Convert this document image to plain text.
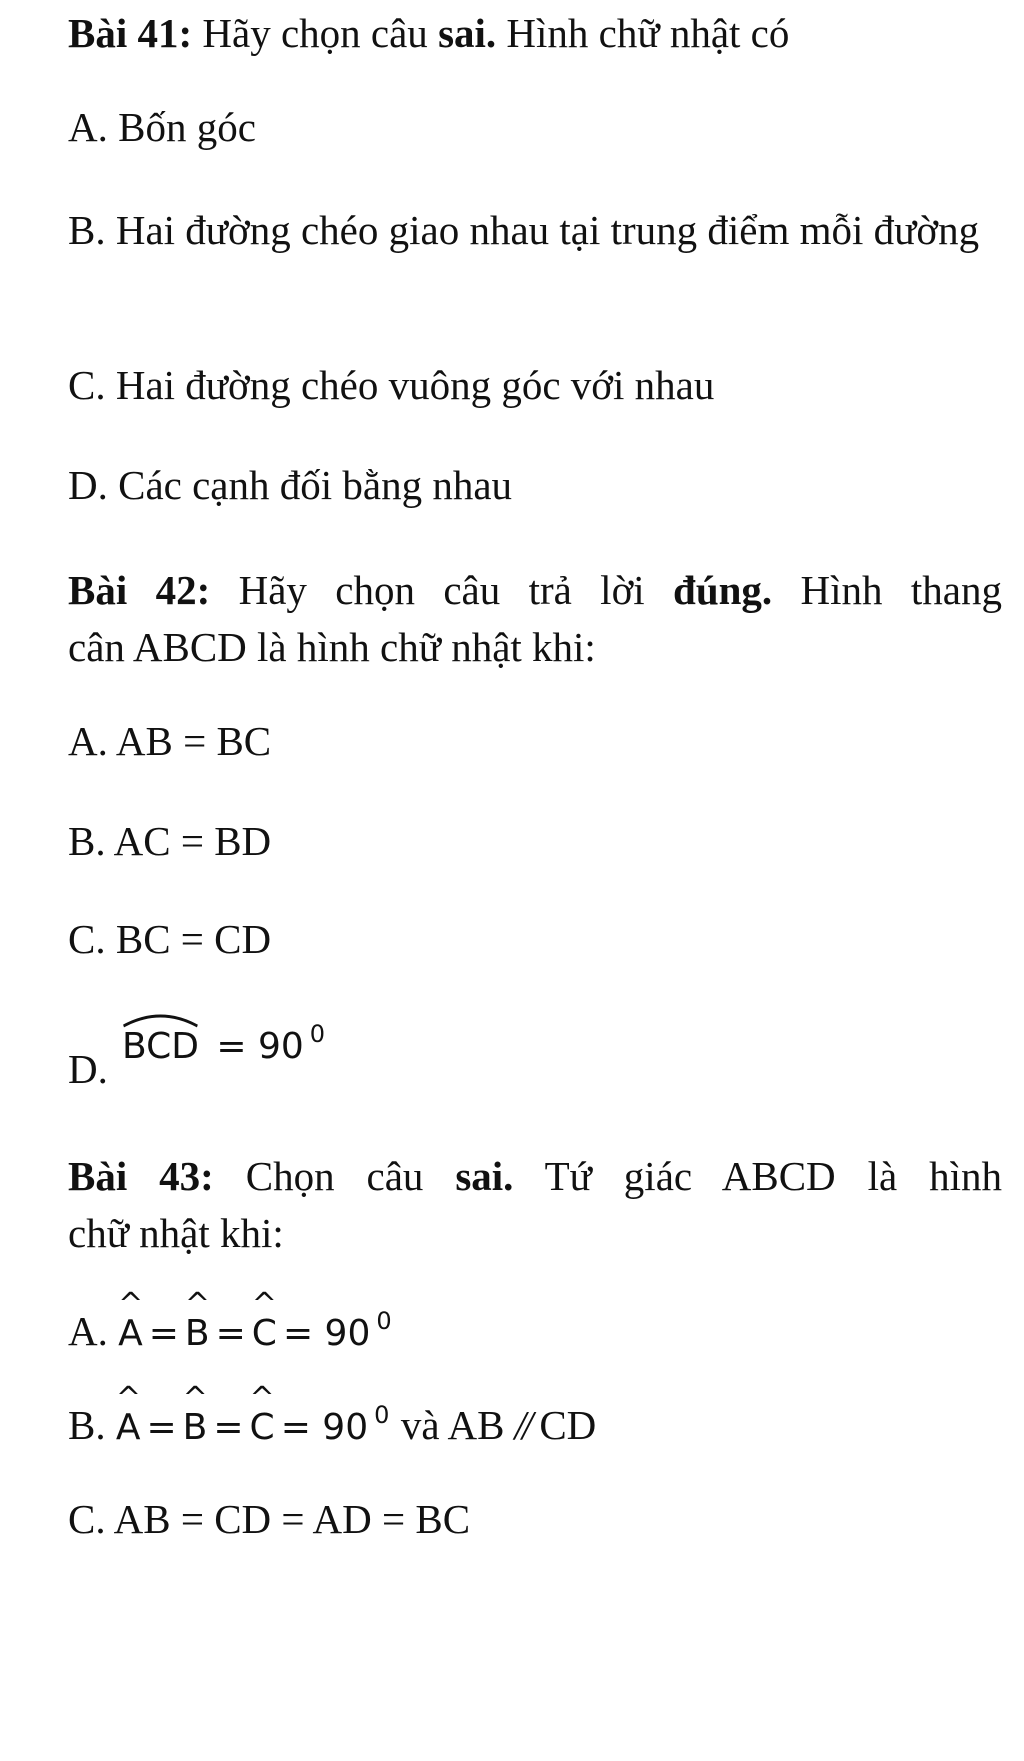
Bài 41: Hãy chọn câu sai. Hình chữ nhật có
A. Bốn góc
B. Hai đường chéo giao nhau tại trung điểm mỗi đường
C. Hai đường chéo vuông góc với nhau
D. Các cạnh đối bằng nhau
Bài 42: Hãy chọn câu trả lời đúng. Hình thang
cân ABCD là hình chữ nhật khi:
A. AB = BC
B. AC = BD
C. BC = CD
D. BCD = 90 $^0$
Bài 43: Chọn câu sai. Tứ giác ABCD là hình
chữ nhật khi:
A.
^
A =
^
B =
^
C = 90 $^0$
B.
^
A =
^
B =
^
C = 90 $^0$ và AB // CD
C. AB = CD = AD = BC
